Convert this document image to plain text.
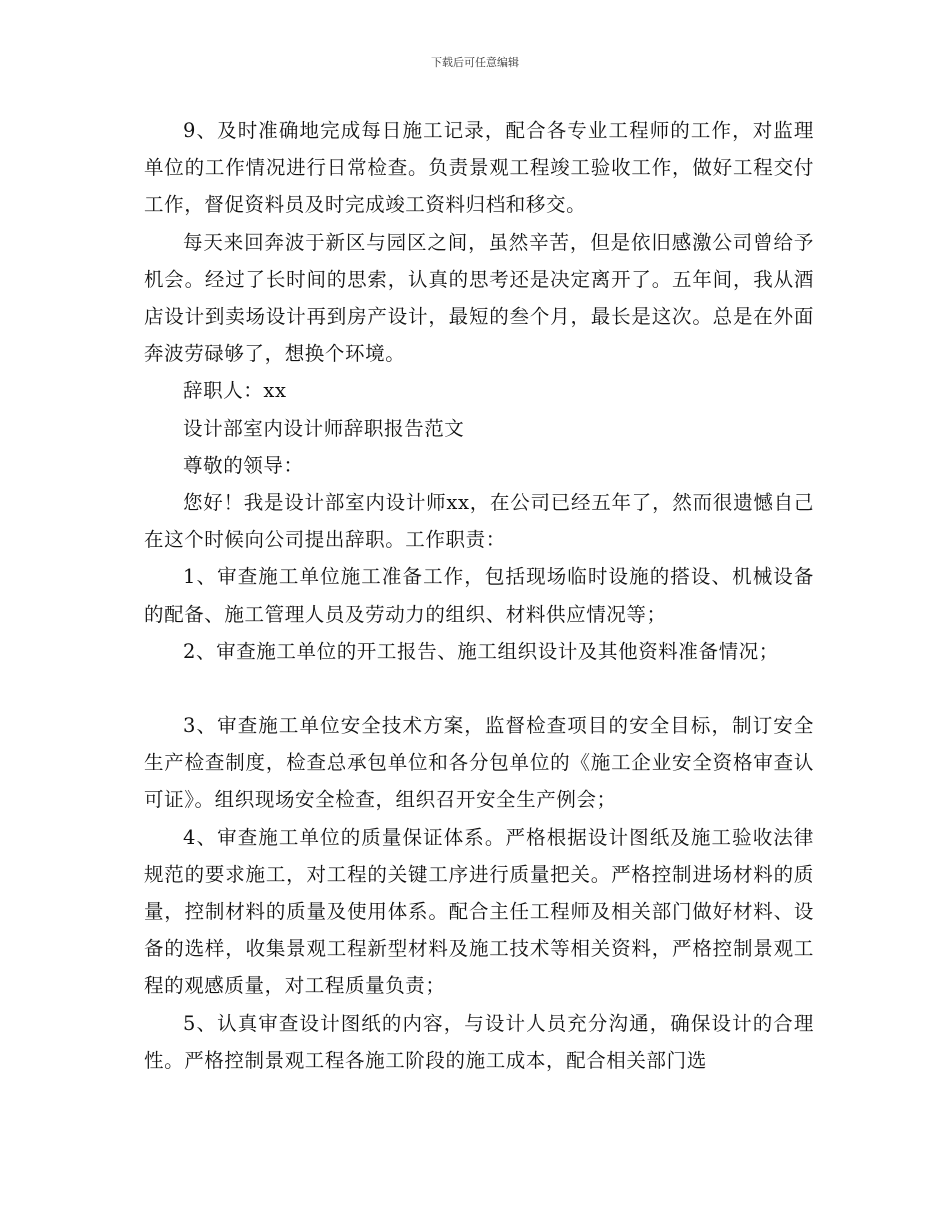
下载后可任意编辑

9、及时准确地完成每日施工记录，配合各专业工程师的工作，对监理单位的工作情况进行日常检查。负责景观工程竣工验收工作，做好工程交付工作，督促资料员及时完成竣工资料归档和移交。

每天来回奔波于新区与园区之间，虽然辛苦，但是依旧感激公司曾给予机会。经过了长时间的思索，认真的思考还是决定离开了。五年间，我从酒店设计到卖场设计再到房产设计，最短的叁个月，最长是这次。总是在外面奔波劳碌够了，想换个环境。

辞职人：xx

设计部室内设计师辞职报告范文

尊敬的领导：

您好！我是设计部室内设计师xx，在公司已经五年了，然而很遗憾自己在这个时候向公司提出辞职。工作职责：

1、审查施工单位施工准备工作，包括现场临时设施的搭设、机械设备的配备、施工管理人员及劳动力的组织、材料供应情况等；

2、审查施工单位的开工报告、施工组织设计及其他资料准备情况；

3、审查施工单位安全技术方案，监督检查项目的安全目标，制订安全生产检查制度，检查总承包单位和各分包单位的《施工企业安全资格审查认可证》。组织现场安全检查，组织召开安全生产例会；

4、审查施工单位的质量保证体系。严格根据设计图纸及施工验收法律规范的要求施工，对工程的关键工序进行质量把关。严格控制进场材料的质量，控制材料的质量及使用体系。配合主任工程师及相关部门做好材料、设备的选样，收集景观工程新型材料及施工技术等相关资料，严格控制景观工程的观感质量，对工程质量负责；

5、认真审查设计图纸的内容，与设计人员充分沟通，确保设计的合理性。严格控制景观工程各施工阶段的施工成本，配合相关部门选
